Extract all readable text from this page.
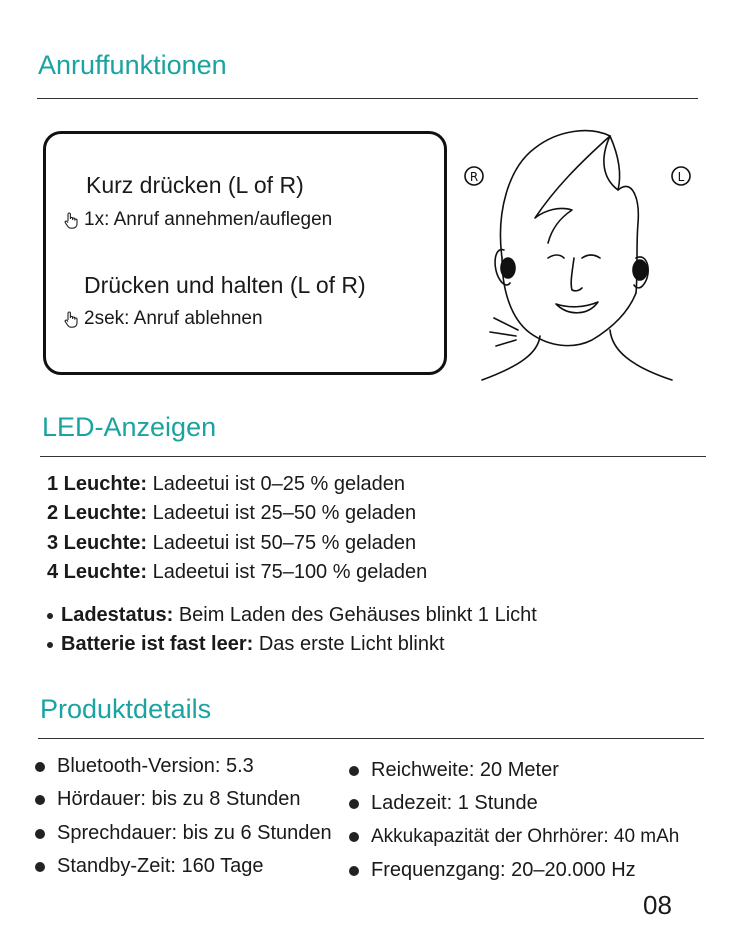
Anruffunktionen
Kurz drücken (L of R)
1x: Anruf annehmen/auflegen
Drücken und halten (L of R)
2sek: Anruf ablehnen
R	L
LED-Anzeigen
1 Leuchte: Ladeetui ist 0–25 % geladen
2 Leuchte: Ladeetui ist 25–50 % geladen
3 Leuchte: Ladeetui ist 50–75 % geladen
4 Leuchte: Ladeetui ist 75–100 % geladen
Ladestatus: Beim Laden des Gehäuses blinkt 1 Licht
Batterie ist fast leer: Das erste Licht blinkt
Produktdetails
Bluetooth-Version: 5.3
Hördauer: bis zu 8 Stunden
Sprechdauer: bis zu 6 Stunden
Standby-Zeit: 160 Tage
Reichweite: 20 Meter
Ladezeit: 1 Stunde
Akkukapazität der Ohrhörer: 40 mAh
Frequenzgang: 20–20.000 Hz
08
